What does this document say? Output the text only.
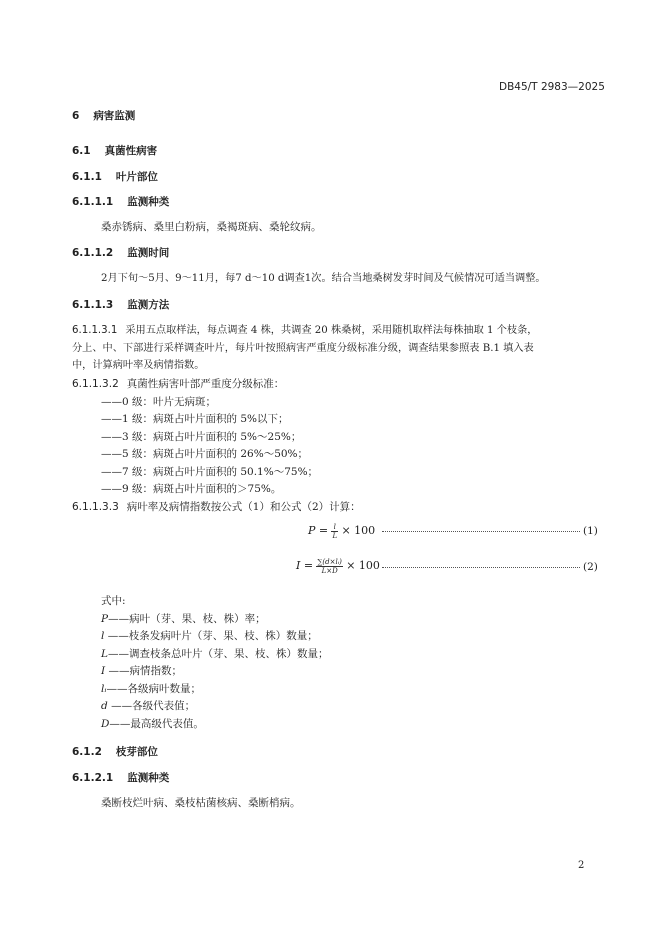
DB45/T 2983—2025
6 病害监测
6.1 真菌性病害
6.1.1 叶片部位
6.1.1.1 监测种类
桑赤锈病、桑里白粉病，桑褐斑病、桑轮纹病。
6.1.1.2 监测时间
2月下旬～5月、9～11月，每7 d～10 d调查1次。结合当地桑树发芽时间及气候情况可适当调整。
6.1.1.3 监测方法
6.1.1.3.1 采用五点取样法，每点调查 4 株，共调查 20 株桑树，采用随机取样法每株抽取 1 个枝条，
分上、中、下部进行采样调查叶片，每片叶按照病害严重度分级标准分级，调查结果参照表 B.1 填入表
中，计算病叶率及病情指数。
6.1.1.3.2 真菌性病害叶部严重度分级标准：
——0 级：叶片无病斑；
——1 级：病斑占叶片面积的 5%以下；
——3 级：病斑占叶片面积的 5%～25%；
——5 级：病斑占叶片面积的 26%～50%；
——7 级：病斑占叶片面积的 50.1%～75%；
——9 级：病斑占叶片面积的＞75%。
6.1.1.3.3 病叶率及病情指数按公式（1）和公式（2）计算：
$P = \frac{l}{L} \times 100$	(1)
$I = \frac{\text{∑(d×lᵢ)}}{L\times D} \times 100$	(2)
式中:
P——病叶（芽、果、枝、株）率；
l ——枝条发病叶片（芽、果、枝、株）数量；
L——调查枝条总叶片（芽、果、枝、株）数量；
I ——病情指数；
lᵢ——各级病叶数量；
d ——各级代表值；
D——最高级代表值。
6.1.2 枝芽部位
6.1.2.1 监测种类
桑断枝烂叶病、桑枝枯菌核病、桑断梢病。
2
